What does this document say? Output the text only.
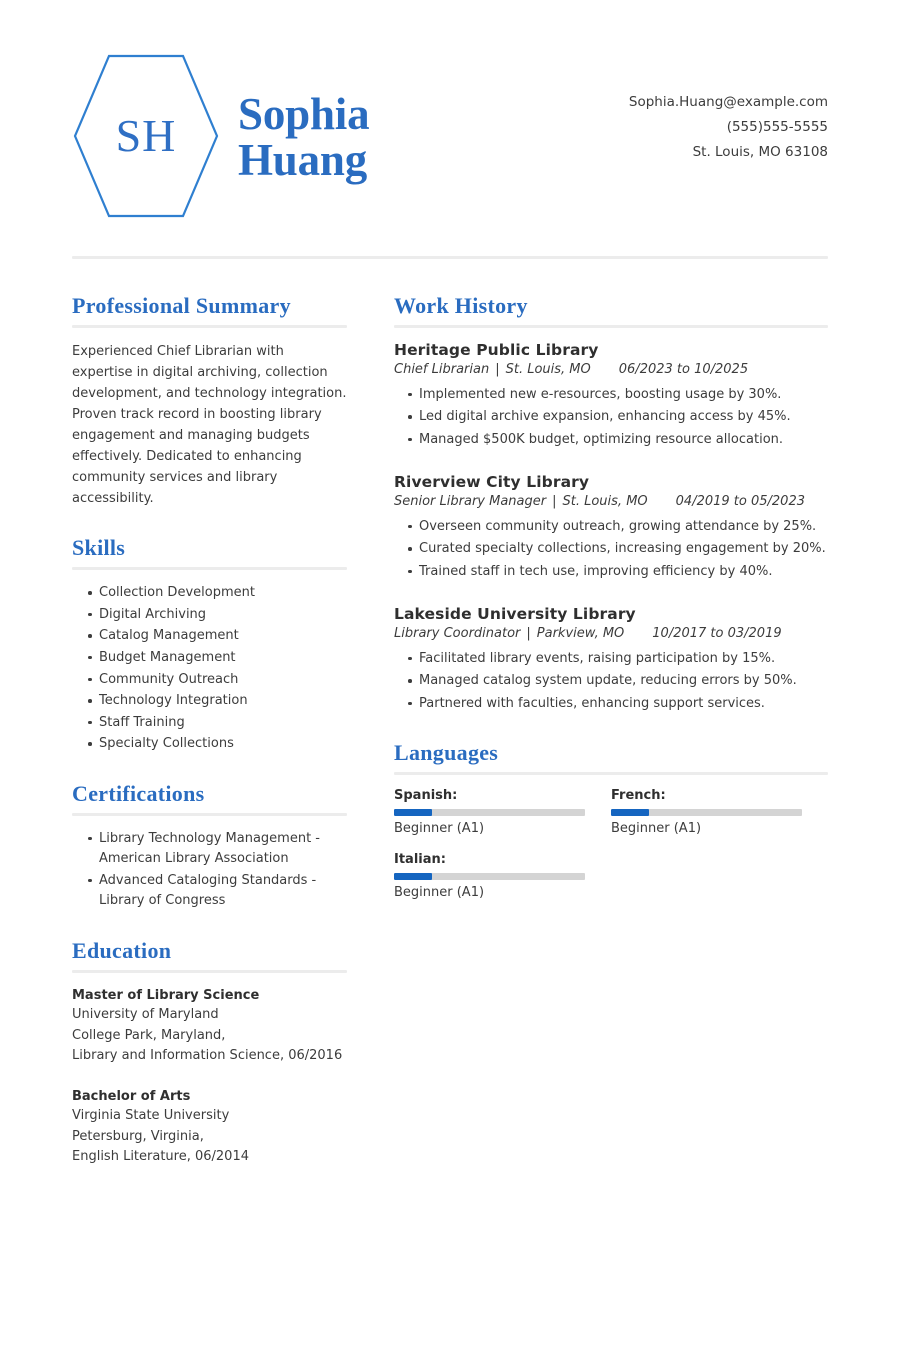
SH Sophia
Huang
Sophia.Huang@example.com
(555)555-5555
St. Louis, MO 63108
Professional Summary

Experienced Chief Librarian with expertise in digital archiving, collection development, and technology integration. Proven track record in boosting library engagement and managing budgets effectively. Dedicated to enhancing community services and library accessibility.

Skills
Collection Development
Digital Archiving
Catalog Management
Budget Management
Community Outreach
Technology Integration
Staff Training
Specialty Collections
Certifications
Library Technology Management - American Library Association
Advanced Cataloging Standards - Library of Congress
Education
Master of Library Science
University of Maryland
College Park, Maryland,
Library and Information Science, 06/2016
Bachelor of Arts
Virginia State University
Petersburg, Virginia,
English Literature, 06/2014
Work History
Heritage Public Library
Chief Librarian | St. Louis, MO 06/2023 to 10/2025
Implemented new e-resources, boosting usage by 30%.
Led digital archive expansion, enhancing access by 45%.
Managed $500K budget, optimizing resource allocation.
Riverview City Library
Senior Library Manager | St. Louis, MO 04/2019 to 05/2023
Overseen community outreach, growing attendance by 25%.
Curated specialty collections, increasing engagement by 20%.
Trained staff in tech use, improving efficiency by 40%.
Lakeside University Library
Library Coordinator | Parkview, MO 10/2017 to 03/2019
Facilitated library events, raising participation by 15%.
Managed catalog system update, reducing errors by 50%.
Partnered with faculties, enhancing support services.
Languages
Spanish:
Beginner (A1)
French:
Beginner (A1)
Italian:
Beginner (A1)
